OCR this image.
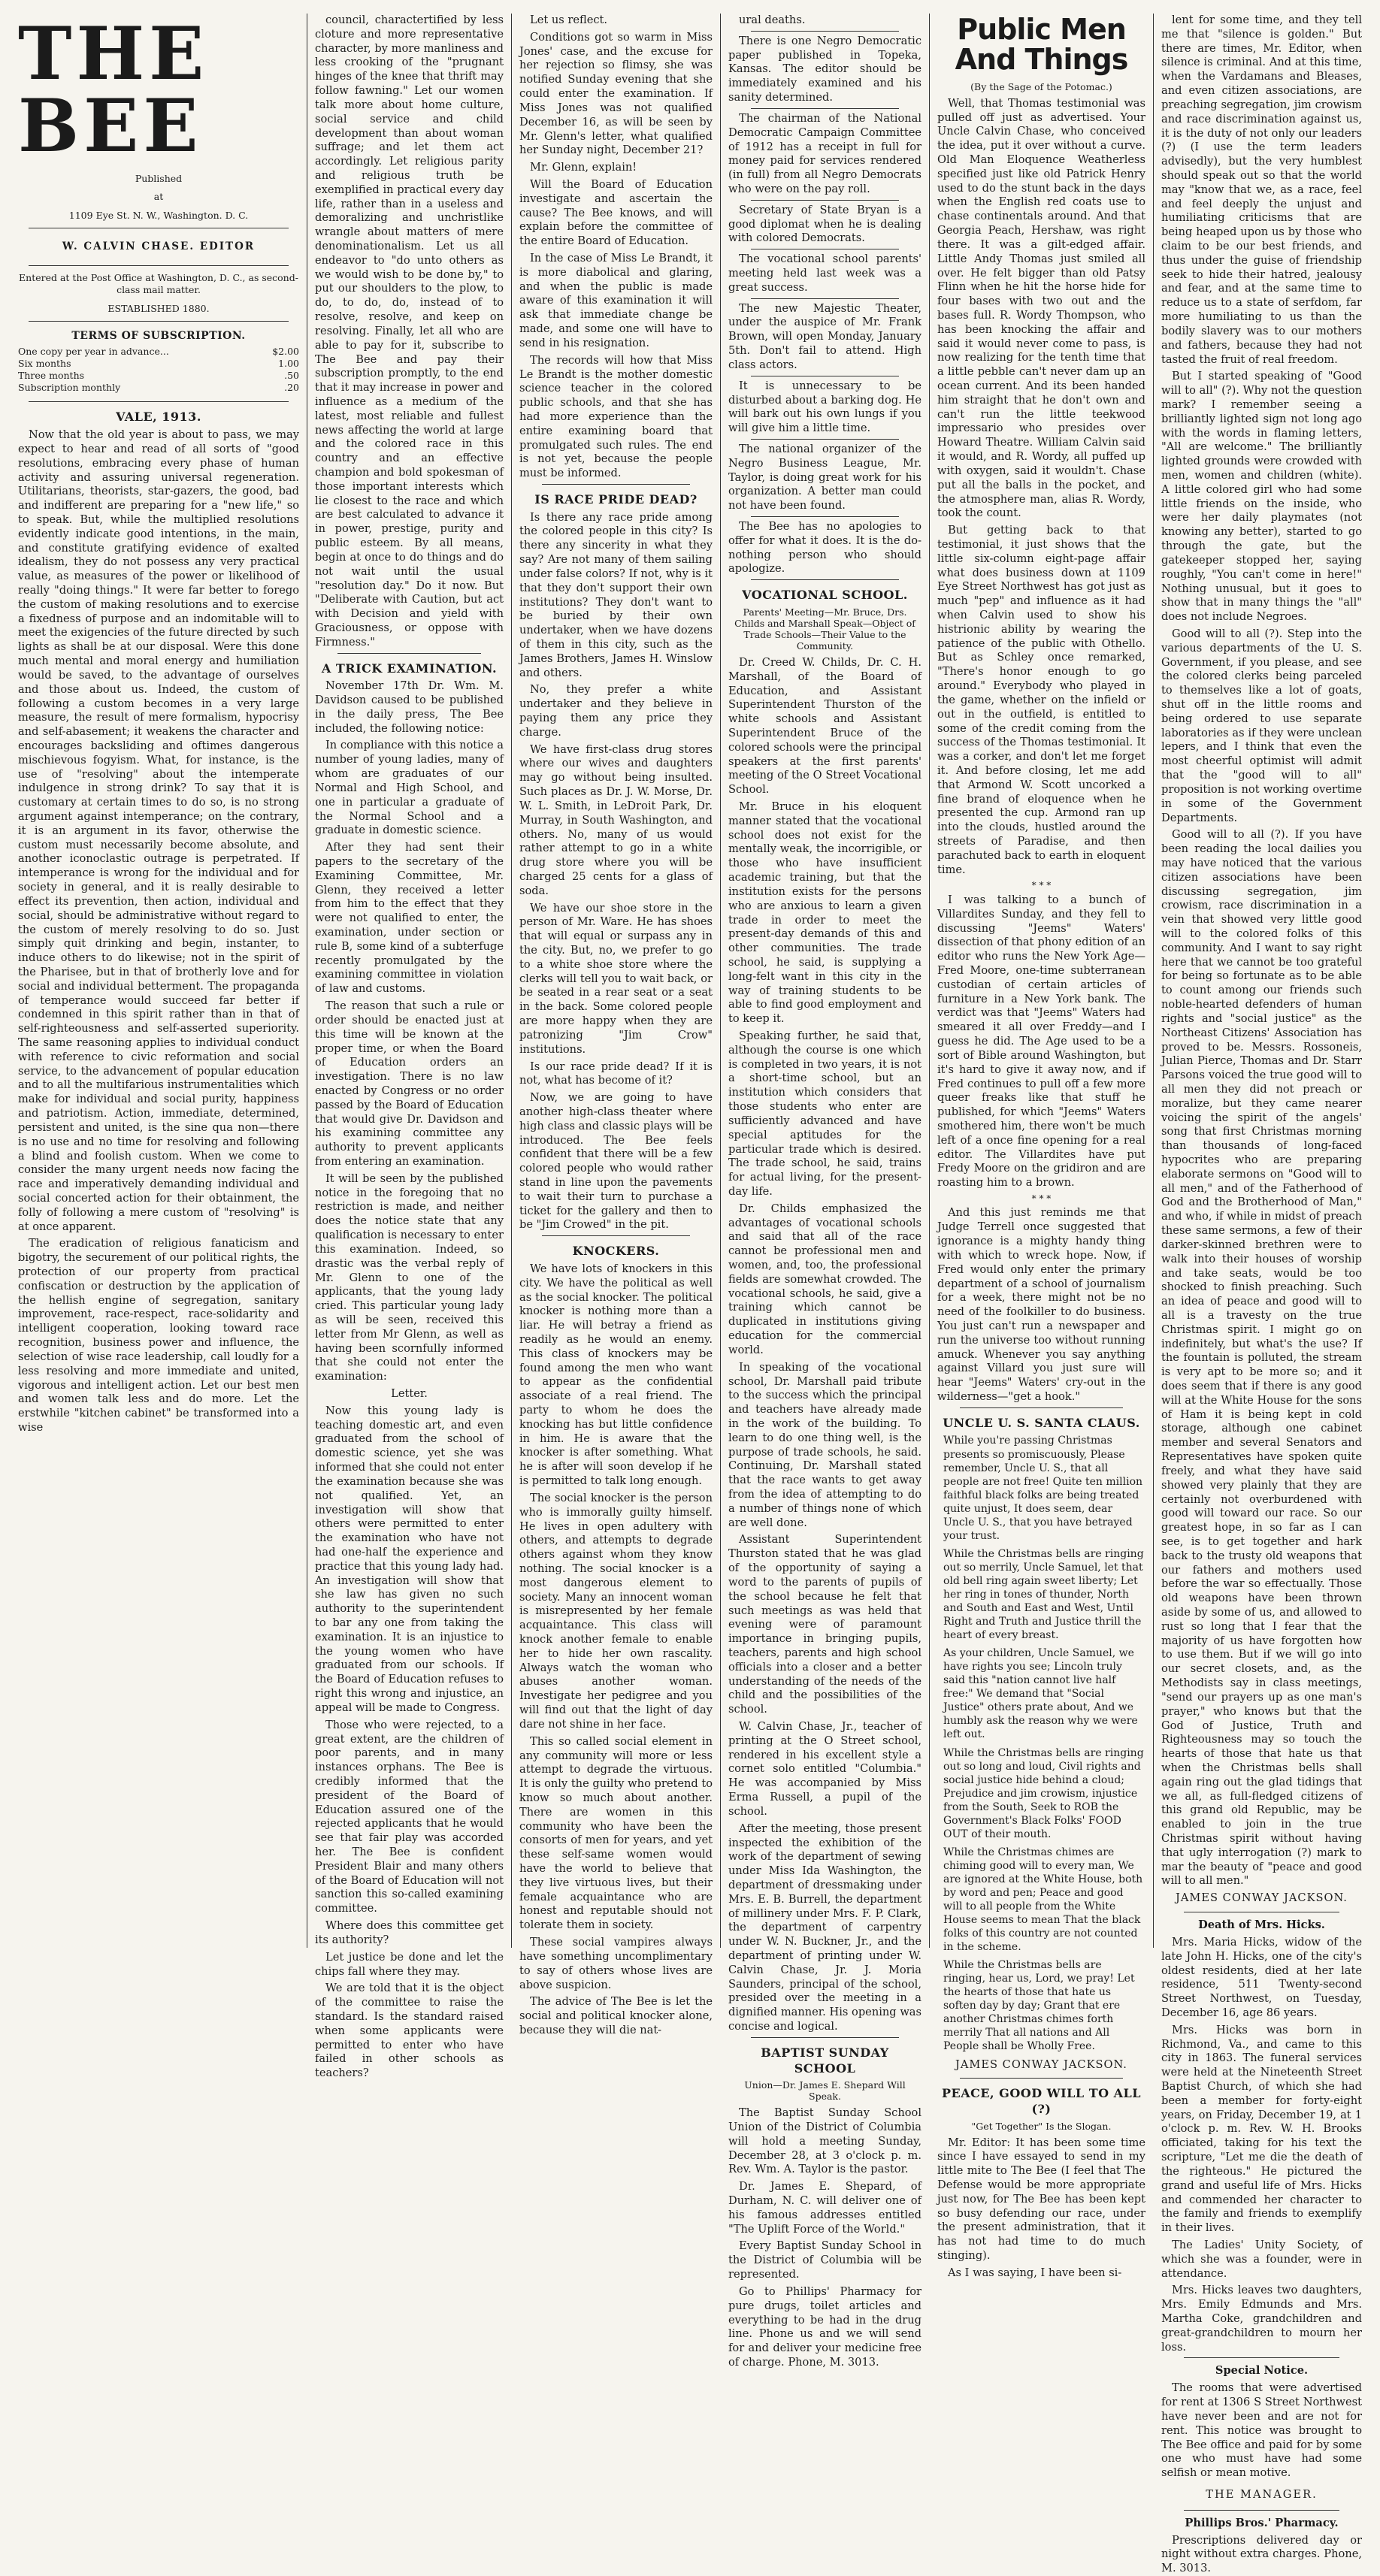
THE BEE
Published
at
1109 Eye St. N. W., Washington. D. C.
W. CALVIN CHASE. EDITOR
Entered at the Post Office at Washington, D. C., as second-class mail matter.
ESTABLISHED 1880.
TERMS OF SUBSCRIPTION.
One copy per year in advance...	$2.00
Six months	1.00
Three months	.50
Subscription monthly	.20
VALE, 1913.

Now that the old year is about to pass, we may expect to hear and read of all sorts of "good resolutions, embracing every phase of human activity and assuring universal regeneration. Utilitarians, theorists, star-gazers, the good, bad and indifferent are preparing for a "new life," so to speak. But, while the multiplied resolutions evidently indicate good intentions, in the main, and constitute gratifying evidence of exalted idealism, they do not possess any very practical value, as measures of the power or likelihood of really "doing things." It were far better to forego the custom of making resolutions and to exercise a fixedness of purpose and an indomitable will to meet the exigencies of the future directed by such lights as shall be at our disposal. Were this done much mental and moral energy and humiliation would be saved, to the advantage of ourselves and those about us. Indeed, the custom of following a custom becomes in a very large measure, the result of mere formalism, hypocrisy and self-abasement; it weakens the character and encourages backsliding and oftimes dangerous mischievous fogyism. What, for instance, is the use of "resolving" about the intemperate indulgence in strong drink? To say that it is customary at certain times to do so, is no strong argument against intemperance; on the contrary, it is an argument in its favor, otherwise the custom must necessarily become absolute, and another iconoclastic outrage is perpetrated. If intemperance is wrong for the individual and for society in general, and it is really desirable to effect its prevention, then action, individual and social, should be administrative without regard to the custom of merely resolving to do so. Just simply quit drinking and begin, instanter, to induce others to do likewise; not in the spirit of the Pharisee, but in that of brotherly love and for social and individual betterment. The propaganda of temperance would succeed far better if condemned in this spirit rather than in that of self-righteousness and self-asserted superiority. The same reasoning applies to individual conduct with reference to civic reformation and social service, to the advancement of popular education and to all the multifarious instrumentalities which make for individual and social purity, happiness and patriotism. Action, immediate, determined, persistent and united, is the sine qua non—there is no use and no time for resolving and following a blind and foolish custom. When we come to consider the many urgent needs now facing the race and imperatively demanding individual and social concerted action for their obtainment, the folly of following a mere custom of "resolving" is at once apparent.

The eradication of religious fanaticism and bigotry, the securement of our political rights, the protection of our property from practical confiscation or destruction by the application of the hellish engine of segregation, sanitary improvement, race-respect, race-solidarity and intelligent cooperation, looking toward race recognition, business power and influence, the selection of wise race leadership, call loudly for a less resolving and more immediate and united, vigorous and intelligent action. Let our best men and women talk less and do more. Let the erstwhile "kitchen cabinet" be transformed into a wise

council, charactertified by less cloture and more representative character, by more manliness and less crooking of the "prugnant hinges of the knee that thrift may follow fawning." Let our women talk more about home culture, social service and child development than about woman suffrage; and let them act accordingly. Let religious parity and religious truth be exemplified in practical every day life, rather than in a useless and demoralizing and unchristlike wrangle about matters of mere denominationalism. Let us all endeavor to "do unto others as we would wish to be done by," to put our shoulders to the plow, to do, to do, do, instead of to resolve, resolve, and keep on resolving. Finally, let all who are able to pay for it, subscribe to The Bee and pay their subscription promptly, to the end that it may increase in power and influence as a medium of the latest, most reliable and fullest news affecting the world at large and the colored race in this country and an effective champion and bold spokesman of those important interests which lie closest to the race and which are best calculated to advance it in power, prestige, purity and public esteem. By all means, begin at once to do things and do not wait until the usual "resolution day." Do it now. But "Deliberate with Caution, but act with Decision and yield with Graciousness, or oppose with Firmness."

A TRICK EXAMINATION.

November 17th Dr. Wm. M. Davidson caused to be published in the daily press, The Bee included, the following notice:

In compliance with this notice a number of young ladies, many of whom are graduates of our Normal and High School, and one in particular a graduate of the Normal School and a graduate in domestic science.

After they had sent their papers to the secretary of the Examining Committee, Mr. Glenn, they received a letter from him to the effect that they were not qualified to enter, the examination, under section or rule B, some kind of a subterfuge recently promulgated by the examining committee in violation of law and customs.

The reason that such a rule or order should be enacted just at this time will be known at the proper time, or when the Board of Education orders an investigation. There is no law enacted by Congress or no order passed by the Board of Education that would give Dr. Davidson and his examining committee any authority to prevent applicants from entering an examination.

It will be seen by the published notice in the foregoing that no restriction is made, and neither does the notice state that any qualification is necessary to enter this examination. Indeed, so drastic was the verbal reply of Mr. Glenn to one of the applicants, that the young lady cried. This particular young lady as will be seen, received this letter from Mr Glenn, as well as having been scornfully informed that she could not enter the examination:

Letter.

Now this young lady is teaching domestic art, and even graduated from the school of domestic science, yet she was informed that she could not enter the examination because she was not qualified. Yet, an investigation will show that others were permitted to enter the examination who have not had one-half the experience and practice that this young lady had. An investigation will show that she law has given no such authority to the superintendent to bar any one from taking the examination. It is an injustice to the young women who have graduated from our schools. If the Board of Education refuses to right this wrong and injustice, an appeal will be made to Congress.

Those who were rejected, to a great extent, are the children of poor parents, and in many instances orphans. The Bee is credibly informed that the president of the Board of Education assured one of the rejected applicants that he would see that fair play was accorded her. The Bee is confident President Blair and many others of the Board of Education will not sanction this so-called examining committee.

Where does this committee get its authority?

Let justice be done and let the chips fall where they may.

We are told that it is the object of the committee to raise the standard. Is the standard raised when some applicants were permitted to enter who have failed in other schools as teachers?

Let us reflect.

Conditions got so warm in Miss Jones' case, and the excuse for her rejection so flimsy, she was notified Sunday evening that she could enter the examination. If Miss Jones was not qualified December 16, as will be seen by Mr. Glenn's letter, what qualified her Sunday night, December 21?

Mr. Glenn, explain!

Will the Board of Education investigate and ascertain the cause? The Bee knows, and will explain before the committee of the entire Board of Education.

In the case of Miss Le Brandt, it is more diabolical and glaring, and when the public is made aware of this examination it will ask that immediate change be made, and some one will have to send in his resignation.

The records will how that Miss Le Brandt is the mother domestic science teacher in the colored public schools, and that she has had more experience than the entire examining board that promulgated such rules. The end is not yet, because the people must be informed.

IS RACE PRIDE DEAD?

Is there any race pride among the colored people in this city? Is there any sincerity in what they say? Are not many of them sailing under false colors? If not, why is it that they don't support their own institutions? They don't want to be buried by their own undertaker, when we have dozens of them in this city, such as the James Brothers, James H. Winslow and others.

No, they prefer a white undertaker and they believe in paying them any price they charge.

We have first-class drug stores where our wives and daughters may go without being insulted. Such places as Dr. J. W. Morse, Dr. W. L. Smith, in LeDroit Park, Dr. Murray, in South Washington, and others. No, many of us would rather attempt to go in a white drug store where you will be charged 25 cents for a glass of soda.

We have our shoe store in the person of Mr. Ware. He has shoes that will equal or surpass any in the city. But, no, we prefer to go to a white shoe store where the clerks will tell you to wait back, or be seated in a rear seat or a seat in the back. Some colored people are more happy when they are patronizing "Jim Crow" institutions.

Is our race pride dead? If it is not, what has become of it?

Now, we are going to have another high-class theater where high class and classic plays will be introduced. The Bee feels confident that there will be a few colored people who would rather stand in line upon the pavements to wait their turn to purchase a ticket for the gallery and then to be "Jim Crowed" in the pit.

KNOCKERS.

We have lots of knockers in this city. We have the political as well as the social knocker. The political knocker is nothing more than a liar. He will betray a friend as readily as he would an enemy. This class of knockers may be found among the men who want to appear as the confidential associate of a real friend. The party to whom he does the knocking has but little confidence in him. He is aware that the knocker is after something. What he is after will soon develop if he is permitted to talk long enough.

The social knocker is the person who is immorally guilty himself. He lives in open adultery with others, and attempts to degrade others against whom they know nothing. The social knocker is a most dangerous element to society. Many an innocent woman is misrepresented by her female acquaintance. This class will knock another female to enable her to hide her own rascality. Always watch the woman who abuses another woman. Investigate her pedigree and you will find out that the light of day dare not shine in her face.

This so called social element in any community will more or less attempt to degrade the virtuous. It is only the guilty who pretend to know so much about another. There are women in this community who have been the consorts of men for years, and yet these self-same women would have the world to believe that they live virtuous lives, but their female acquaintance who are honest and reputable should not tolerate them in society.

These social vampires always have something uncomplimentary to say of others whose lives are above suspicion.

The advice of The Bee is let the social and political knocker alone, because they will die nat-

ural deaths.

There is one Negro Democratic paper published in Topeka, Kansas. The editor should be immediately examined and his sanity determined.

The chairman of the National Democratic Campaign Committee of 1912 has a receipt in full for money paid for services rendered (in full) from all Negro Democrats who were on the pay roll.

Secretary of State Bryan is a good diplomat when he is dealing with colored Democrats.

The vocational school parents' meeting held last week was a great success.

The new Majestic Theater, under the auspice of Mr. Frank Brown, will open Monday, January 5th. Don't fail to attend. High class actors.

It is unnecessary to be disturbed about a barking dog. He will bark out his own lungs if you will give him a little time.

The national organizer of the Negro Business League, Mr. Taylor, is doing great work for his organization. A better man could not have been found.

The Bee has no apologies to offer for what it does. It is the do-nothing person who should apologize.

VOCATIONAL SCHOOL.

Parents' Meeting—Mr. Bruce, Drs. Childs and Marshall Speak—Object of Trade Schools—Their Value to the Community.

Dr. Creed W. Childs, Dr. C. H. Marshall, of the Board of Education, and Assistant Superintendent Thurston of the white schools and Assistant Superintendent Bruce of the colored schools were the principal speakers at the first parents' meeting of the O Street Vocational School.

Mr. Bruce in his eloquent manner stated that the vocational school does not exist for the mentally weak, the incorrigible, or those who have insufficient academic training, but that the institution exists for the persons who are anxious to learn a given trade in order to meet the present-day demands of this and other communities. The trade school, he said, is supplying a long-felt want in this city in the way of training students to be able to find good employment and to keep it.

Speaking further, he said that, although the course is one which is completed in two years, it is not a short-time school, but an institution which considers that those students who enter are sufficiently advanced and have special aptitudes for the particular trade which is desired. The trade school, he said, trains for actual living, for the present-day life.

Dr. Childs emphasized the advantages of vocational schools and said that all of the race cannot be professional men and women, and, too, the professional fields are somewhat crowded. The vocational schools, he said, give a training which cannot be duplicated in institutions giving education for the commercial world.

In speaking of the vocational school, Dr. Marshall paid tribute to the success which the principal and teachers have already made in the work of the building. To learn to do one thing well, is the purpose of trade schools, he said. Continuing, Dr. Marshall stated that the race wants to get away from the idea of attempting to do a number of things none of which are well done.

Assistant Superintendent Thurston stated that he was glad of the opportunity of saying a word to the parents of pupils of the school because he felt that such meetings as was held that evening were of paramount importance in bringing pupils, teachers, parents and high school officials into a closer and a better understanding of the needs of the child and the possibilities of the school.

W. Calvin Chase, Jr., teacher of printing at the O Street school, rendered in his excellent style a cornet solo entitled "Columbia." He was accompanied by Miss Erma Russell, a pupil of the school.

After the meeting, those present inspected the exhibition of the work of the department of sewing under Miss Ida Washington, the department of dressmaking under Mrs. E. B. Burrell, the department of millinery under Mrs. F. P. Clark, the department of carpentry under W. N. Buckner, Jr., and the department of printing under W. Calvin Chase, Jr. J. Moria Saunders, principal of the school, presided over the meeting in a dignified manner. His opening was concise and logical.

BAPTIST SUNDAY SCHOOL

Union—Dr. James E. Shepard Will Speak.

The Baptist Sunday School Union of the District of Columbia will hold a meeting Sunday, December 28, at 3 o'clock p. m. Rev. Wm. A. Taylor is the pastor.

Dr. James E. Shepard, of Durham, N. C. will deliver one of his famous addresses entitled "The Uplift Force of the World."

Every Baptist Sunday School in the District of Columbia will be represented.

Go to Phillips' Pharmacy for pure drugs, toilet articles and everything to be had in the drug line. Phone us and we will send for and deliver your medicine free of charge. Phone, M. 3013.

Public Men And Things

(By the Sage of the Potomac.)

Well, that Thomas testimonial was pulled off just as advertised. Your Uncle Calvin Chase, who conceived the idea, put it over without a curve. Old Man Eloquence Weatherless specified just like old Patrick Henry used to do the stunt back in the days when the English red coats use to chase continentals around. And that Georgia Peach, Hershaw, was right there. It was a gilt-edged affair. Little Andy Thomas just smiled all over. He felt bigger than old Patsy Flinn when he hit the horse hide for four bases with two out and the bases full. R. Wordy Thompson, who has been knocking the affair and said it would never come to pass, is now realizing for the tenth time that a little pebble can't never dam up an ocean current. And its been handed him straight that he don't own and can't run the little teekwood impressario who presides over Howard Theatre. William Calvin said it would, and R. Wordy, all puffed up with oxygen, said it wouldn't. Chase put all the balls in the pocket, and the atmosphere man, alias R. Wordy, took the count.

But getting back to that testimonial, it just shows that the little six-column eight-page affair what does business down at 1109 Eye Street Northwest has got just as much "pep" and influence as it had when Calvin used to show his histrionic ability by wearing the patience of the public with Othello. But as Schley once remarked, "There's honor enough to go around." Everybody who played in the game, whether on the infield or out in the outfield, is entitled to some of the credit coming from the success of the Thomas testimonial. It was a corker, and don't let me forget it. And before closing, let me add that Armond W. Scott uncorked a fine brand of eloquence when he presented the cup. Armond ran up into the clouds, hustled around the streets of Paradise, and then parachuted back to earth in eloquent time.

* * *

I was talking to a bunch of Villardites Sunday, and they fell to discussing "Jeems" Waters' dissection of that phony edition of an editor who runs the New York Age—Fred Moore, one-time subterranean custodian of certain articles of furniture in a New York bank. The verdict was that "Jeems" Waters had smeared it all over Freddy—and I guess he did. The Age used to be a sort of Bible around Washington, but it's hard to give it away now, and if Fred continues to pull off a few more queer freaks like that stuff he published, for which "Jeems" Waters smothered him, there won't be much left of a once fine opening for a real editor. The Villardites have put Fredy Moore on the gridiron and are roasting him to a brown.

* * *

And this just reminds me that Judge Terrell once suggested that ignorance is a mighty handy thing with which to wreck hope. Now, if Fred would only enter the primary department of a school of journalism for a week, there might not be no need of the foolkiller to do business. You just can't run a newspaper and run the universe too without running amuck. Whenever you say anything against Villard you just sure will hear "Jeems" Waters' cry-out in the wilderness—"get a hook."

UNCLE U. S. SANTA CLAUS.

While you're passing Christmas presents so promiscuously, Please remember, Uncle U. S., that all people are not free! Quite ten million faithful black folks are being treated quite unjust, It does seem, dear Uncle U. S., that you have betrayed your trust.

While the Christmas bells are ringing out so merrily, Uncle Samuel, let that old bell ring again sweet liberty; Let her ring in tones of thunder, North and South and East and West, Until Right and Truth and Justice thrill the heart of every breast.

As your children, Uncle Samuel, we have rights you see; Lincoln truly said this "nation cannot live half free:" We demand that "Social Justice" others prate about, And we humbly ask the reason why we were left out.

While the Christmas bells are ringing out so long and loud, Civil rights and social justice hide behind a cloud; Prejudice and jim crowism, injustice from the South, Seek to ROB the Government's Black Folks' FOOD OUT of their mouth.

While the Christmas chimes are chiming good will to every man, We are ignored at the White House, both by word and pen; Peace and good will to all people from the White House seems to mean That the black folks of this country are not counted in the scheme.

While the Christmas bells are ringing, hear us, Lord, we pray! Let the hearts of those that hate us soften day by day; Grant that ere another Christmas chimes forth merrily That all nations and All People shall be Wholly Free.

JAMES CONWAY JACKSON.
PEACE, GOOD WILL TO ALL (?)

"Get Together" Is the Slogan.

Mr. Editor: It has been some time since I have essayed to send in my little mite to The Bee (I feel that The Defense would be more appropriate just now, for The Bee has been kept so busy defending our race, under the present administration, that it has not had time to do much stinging).

As I was saying, I have been si-

lent for some time, and they tell me that "silence is golden." But there are times, Mr. Editor, when silence is criminal. And at this time, when the Vardamans and Bleases, and even citizen associations, are preaching segregation, jim crowism and race discrimination against us, it is the duty of not only our leaders (?) (I use the term leaders advisedly), but the very humblest should speak out so that the world may "know that we, as a race, feel and feel deeply the unjust and humiliating criticisms that are being heaped upon us by those who claim to be our best friends, and thus under the guise of friendship seek to hide their hatred, jealousy and fear, and at the same time to reduce us to a state of serfdom, far more humiliating to us than the bodily slavery was to our mothers and fathers, because they had not tasted the fruit of real freedom.

But I started speaking of "Good will to all" (?). Why not the question mark? I remember seeing a brilliantly lighted sign not long ago with the words in flaming letters, "All are welcome." The brilliantly lighted grounds were crowded with men, women and children (white). A little colored girl who had some little friends on the inside, who were her daily playmates (not knowing any better), started to go through the gate, but the gatekeeper stopped her, saying roughly, "You can't come in here!" Nothing unusual, but it goes to show that in many things the "all" does not include Negroes.

Good will to all (?). Step into the various departments of the U. S. Government, if you please, and see the colored clerks being parceled to themselves like a lot of goats, shut off in the little rooms and being ordered to use separate laboratories as if they were unclean lepers, and I think that even the most cheerful optimist will admit that the "good will to all" proposition is not working overtime in some of the Government Departments.

Good will to all (?). If you have been reading the local dailies you may have noticed that the various citizen associations have been discussing segregation, jim crowism, race discrimination in a vein that showed very little good will to the colored folks of this community. And I want to say right here that we cannot be too grateful for being so fortunate as to be able to count among our friends such noble-hearted defenders of human rights and "social justice" as the Northeast Citizens' Association has proved to be. Messrs. Rossoneis, Julian Pierce, Thomas and Dr. Starr Parsons voiced the true good will to all men they did not preach or moralize, but they came nearer voicing the spirit of the angels' song that first Christmas morning than thousands of long-faced hypocrites who are preparing elaborate sermons on "Good will to all men," and of the Fatherhood of God and the Brotherhood of Man," and who, if while in midst of preach these same sermons, a few of their darker-skinned brethren were to walk into their houses of worship and take seats, would be too shocked to finish preaching. Such an idea of peace and good will to all is a travesty on the true Christmas spirit. I might go on indefinitely, but what's the use? If the fountain is polluted, the stream is very apt to be more so; and it does seem that if there is any good will at the White House for the sons of Ham it is being kept in cold storage, although one cabinet member and several Senators and Representatives have spoken quite freely, and what they have said showed very plainly that they are certainly not overburdened with good will toward our race. So our greatest hope, in so far as I can see, is to get together and hark back to the trusty old weapons that our fathers and mothers used before the war so effectually. Those old weapons have been thrown aside by some of us, and allowed to rust so long that I fear that the majority of us have forgotten how to use them. But if we will go into our secret closets, and, as the Methodists say in class meetings, "send our prayers up as one man's prayer," who knows but that the God of Justice, Truth and Righteousness may so touch the hearts of those that hate us that when the Christmas bells shall again ring out the glad tidings that we all, as full-fledged citizens of this grand old Republic, may be enabled to join in the true Christmas spirit without having that ugly interrogation (?) mark to mar the beauty of "peace and good will to all men."

JAMES CONWAY JACKSON.
Death of Mrs. Hicks.

Mrs. Maria Hicks, widow of the late John H. Hicks, one of the city's oldest residents, died at her late residence, 511 Twenty-second Street Northwest, on Tuesday, December 16, age 86 years.

Mrs. Hicks was born in Richmond, Va., and came to this city in 1863. The funeral services were held at the Nineteenth Street Baptist Church, of which she had been a member for forty-eight years, on Friday, December 19, at 1 o'clock p. m. Rev. W. H. Brooks officiated, taking for his text the scripture, "Let me die the death of the righteous." He pictured the grand and useful life of Mrs. Hicks and commended her character to the family and friends to exemplify in their lives.

The Ladies' Unity Society, of which she was a founder, were in attendance.

Mrs. Hicks leaves two daughters, Mrs. Emily Edmunds and Mrs. Martha Coke, grandchildren and great-grandchildren to mourn her loss.

Special Notice.

The rooms that were advertised for rent at 1306 S Street Northwest have never been and are not for rent. This notice was brought to The Bee office and paid for by some one who must have had some selfish or mean motive.

THE MANAGER.
Phillips Bros.' Pharmacy.

Prescriptions delivered day or night without extra charges. Phone, M. 3013.
